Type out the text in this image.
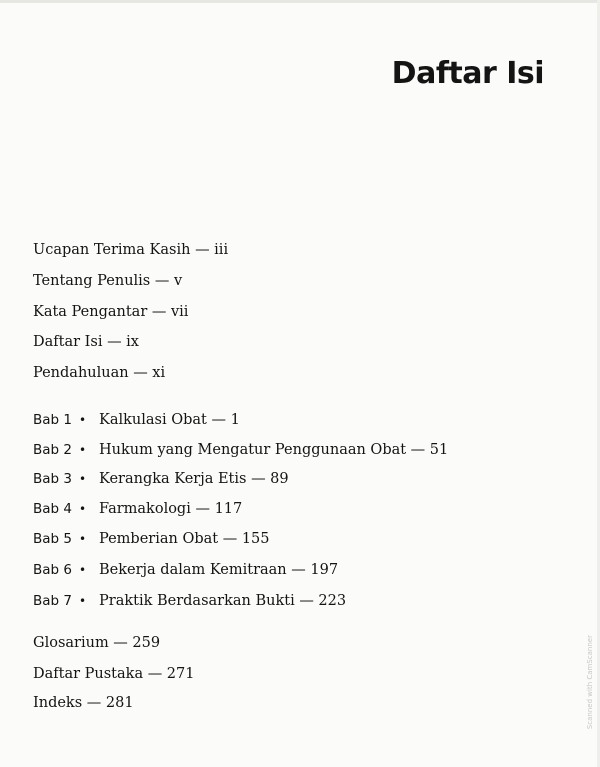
Daftar Isi
Ucapan Terima Kasih — iii
Tentang Penulis — v
Kata Pengantar — vii
Daftar Isi — ix
Pendahuluan — xi
Bab 1 • Kalkulasi Obat — 1
Bab 2 • Hukum yang Mengatur Penggunaan Obat — 51
Bab 3 • Kerangka Kerja Etis — 89
Bab 4 • Farmakologi — 117
Bab 5 • Pemberian Obat — 155
Bab 6 • Bekerja dalam Kemitraan — 197
Bab 7 • Praktik Berdasarkan Bukti — 223
Glosarium — 259
Daftar Pustaka — 271
Indeks — 281	Scanned with CamScanner
